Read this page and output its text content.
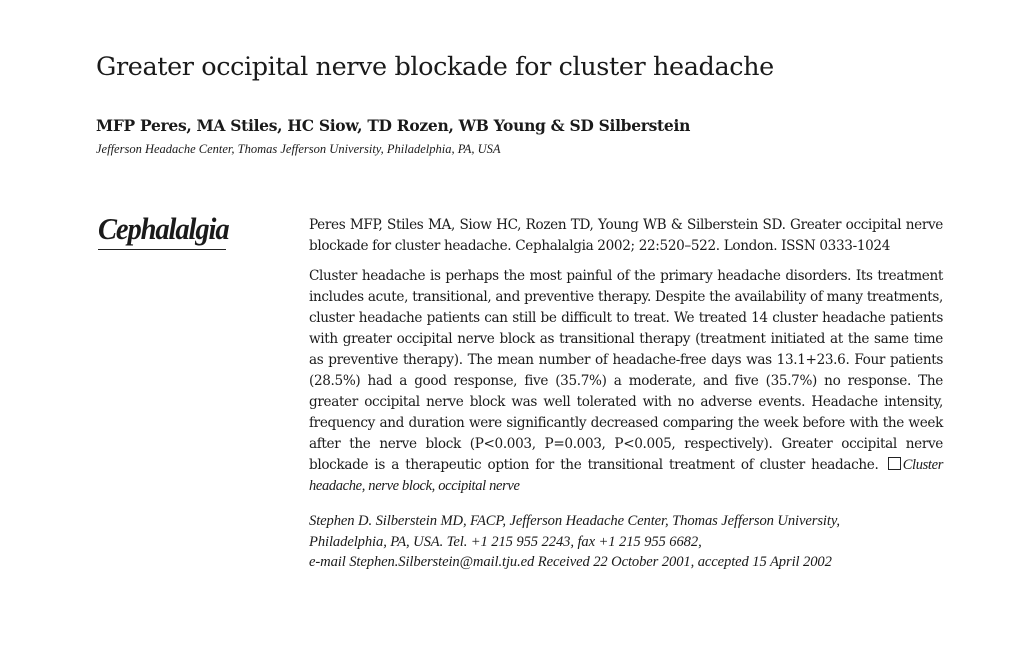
Greater occipital nerve blockade for cluster headache
MFP Peres, MA Stiles, HC Siow, TD Rozen, WB Young & SD Silberstein
Jefferson Headache Center, Thomas Jefferson University, Philadelphia, PA, USA
Cephalalgia	Peres MFP, Stiles MA, Siow HC, Rozen TD, Young WB & Silberstein SD. Greater occipital nerve blockade for cluster headache. Cephalalgia 2002; 22:520–522. London. ISSN 0333-1024

Cluster headache is perhaps the most painful of the primary headache disorders. Its treatment includes acute, transitional, and preventive therapy. Despite the availability of many treatments, cluster headache patients can still be difficult to treat. We treated 14 cluster headache patients with greater occipital nerve block as transitional therapy (treatment initiated at the same time as preventive therapy). The mean number of headache-free days was 13.1+23.6. Four patients (28.5%) had a good response, five (35.7%) a moderate, and five (35.7%) no response. The greater occipital nerve block was well tolerated with no adverse events. Headache intensity, frequency and duration were significantly decreased comparing the week before with the week after the nerve block (P<0.003, P=0.003, P<0.005, respectively). Greater occipital nerve blockade is a therapeutic option for the transitional treatment of cluster headache. Cluster headache, nerve block, occipital nerve

Stephen D. Silberstein MD, FACP, Jefferson Headache Center, Thomas Jefferson University,
Philadelphia, PA, USA. Tel. +1 215 955 2243, fax +1 215 955 6682,
e-mail Stephen.Silberstein@mail.tju.ed Received 22 October 2001, accepted 15 April 2002
